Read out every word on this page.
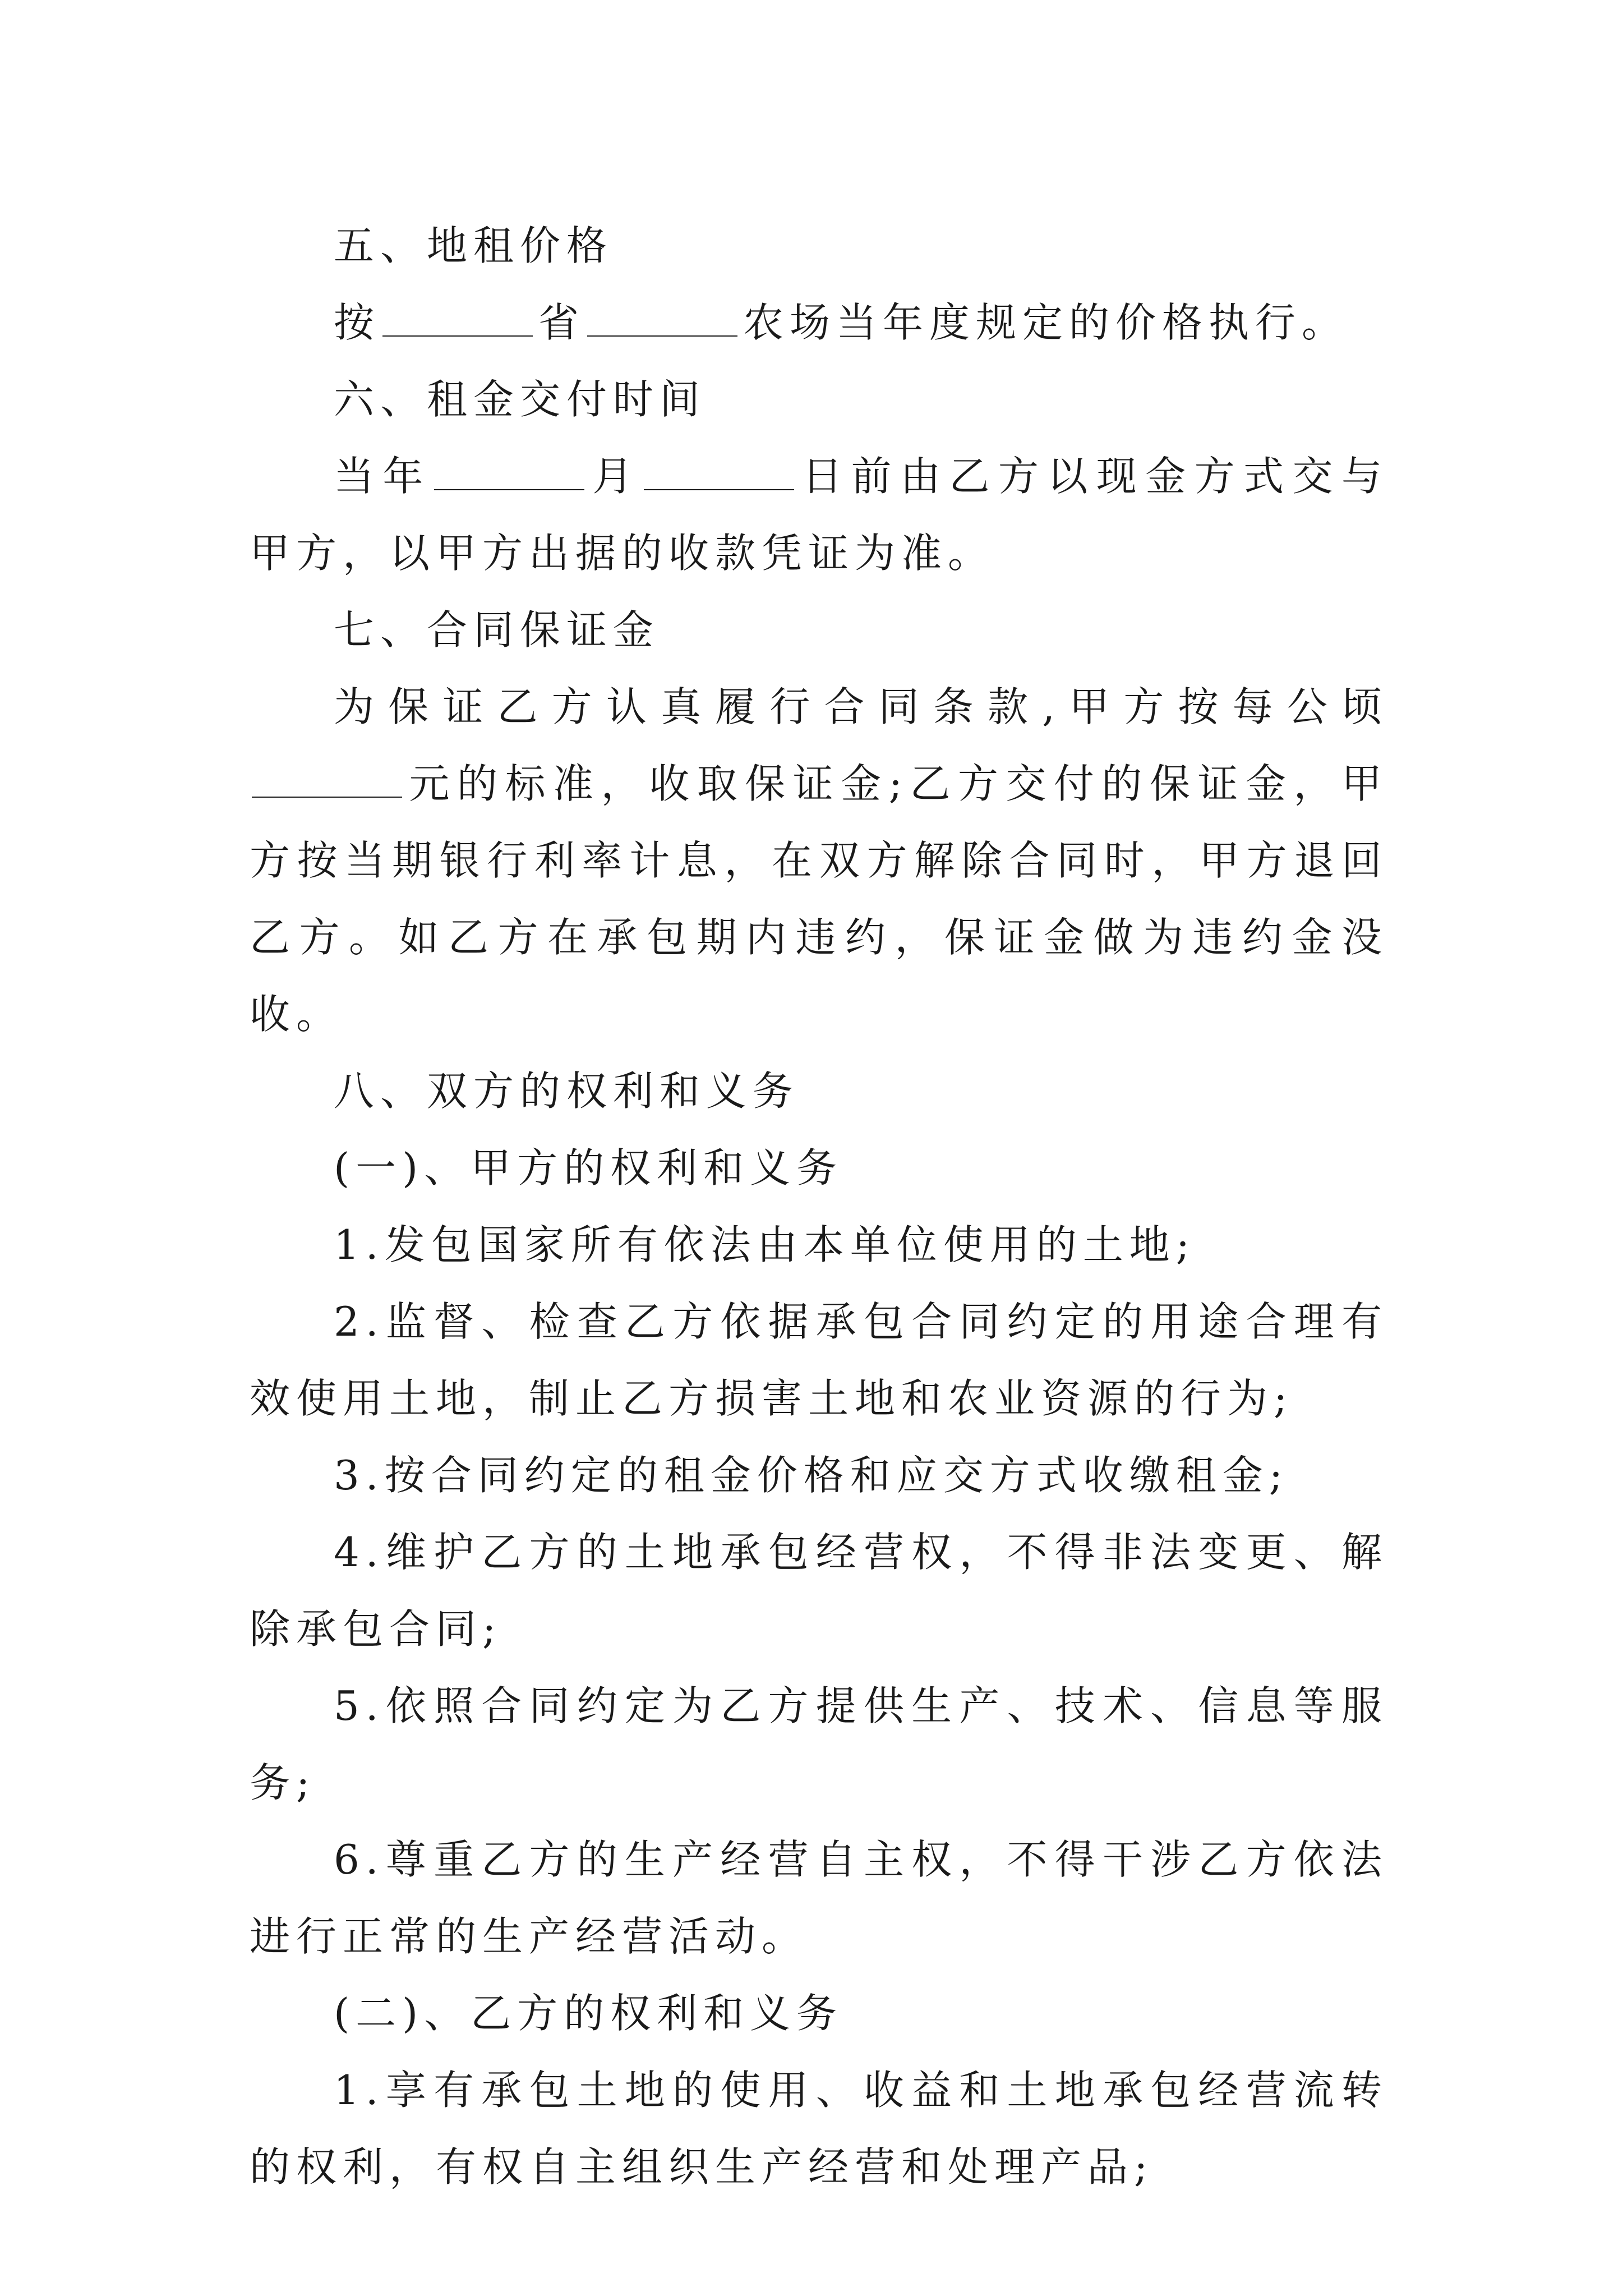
五、地租价格

按	省	农场当年度规定的价格执行。

六、租金交付时间

当年	月	日前由乙方以现金方式交与甲方，以甲方出据的收款凭证为准。

七、合同保证金

为保证乙方认真履行合同条款,甲方按每公顷元的标准，收取保证金;乙方交付的保证金，甲方按当期银行利率计息，在双方解除合同时，甲方退回乙方。如乙方在承包期内违约，保证金做为违约金没收。

八、双方的权利和义务

(一)、甲方的权利和义务

1.发包国家所有依法由本单位使用的土地;

2.监督、检查乙方依据承包合同约定的用途合理有效使用土地，制止乙方损害土地和农业资源的行为;

3.按合同约定的租金价格和应交方式收缴租金;

4.维护乙方的土地承包经营权，不得非法变更、解除承包合同;

5.依照合同约定为乙方提供生产、技术、信息等服务;

6.尊重乙方的生产经营自主权，不得干涉乙方依法进行正常的生产经营活动。

(二)、乙方的权利和义务

1.享有承包土地的使用、收益和土地承包经营流转的权利，有权自主组织生产经营和处理产品;
